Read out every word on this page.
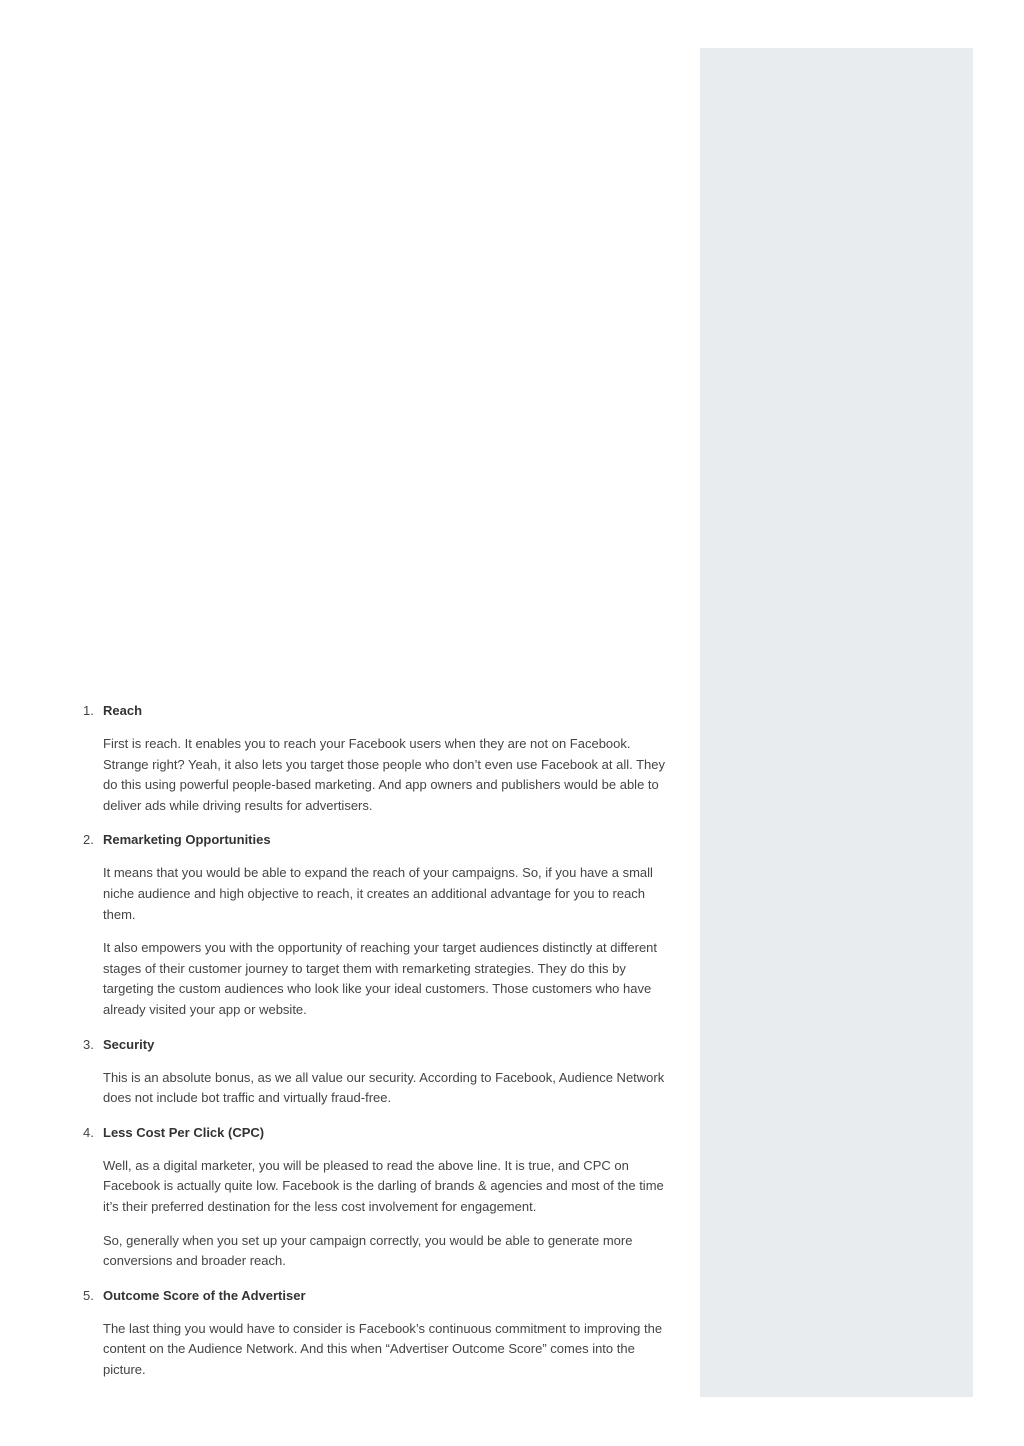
1. Reach

First is reach. It enables you to reach your Facebook users when they are not on Facebook. Strange right? Yeah, it also lets you target those people who don’t even use Facebook at all. They do this using powerful people-based marketing. And app owners and publishers would be able to deliver ads while driving results for advertisers.

2. Remarketing Opportunities

It means that you would be able to expand the reach of your campaigns. So, if you have a small niche audience and high objective to reach, it creates an additional advantage for you to reach them.

It also empowers you with the opportunity of reaching your target audiences distinctly at different stages of their customer journey to target them with remarketing strategies. They do this by targeting the custom audiences who look like your ideal customers. Those customers who have already visited your app or website.

3. Security

This is an absolute bonus, as we all value our security. According to Facebook, Audience Network does not include bot traffic and virtually fraud-free.

4. Less Cost Per Click (CPC)

Well, as a digital marketer, you will be pleased to read the above line. It is true, and CPC on Facebook is actually quite low. Facebook is the darling of brands & agencies and most of the time it’s their preferred destination for the less cost involvement for engagement.

So, generally when you set up your campaign correctly, you would be able to generate more conversions and broader reach.

5. Outcome Score of the Advertiser

The last thing you would have to consider is Facebook’s continuous commitment to improving the content on the Audience Network. And this when “Advertiser Outcome Score” comes into the picture.
